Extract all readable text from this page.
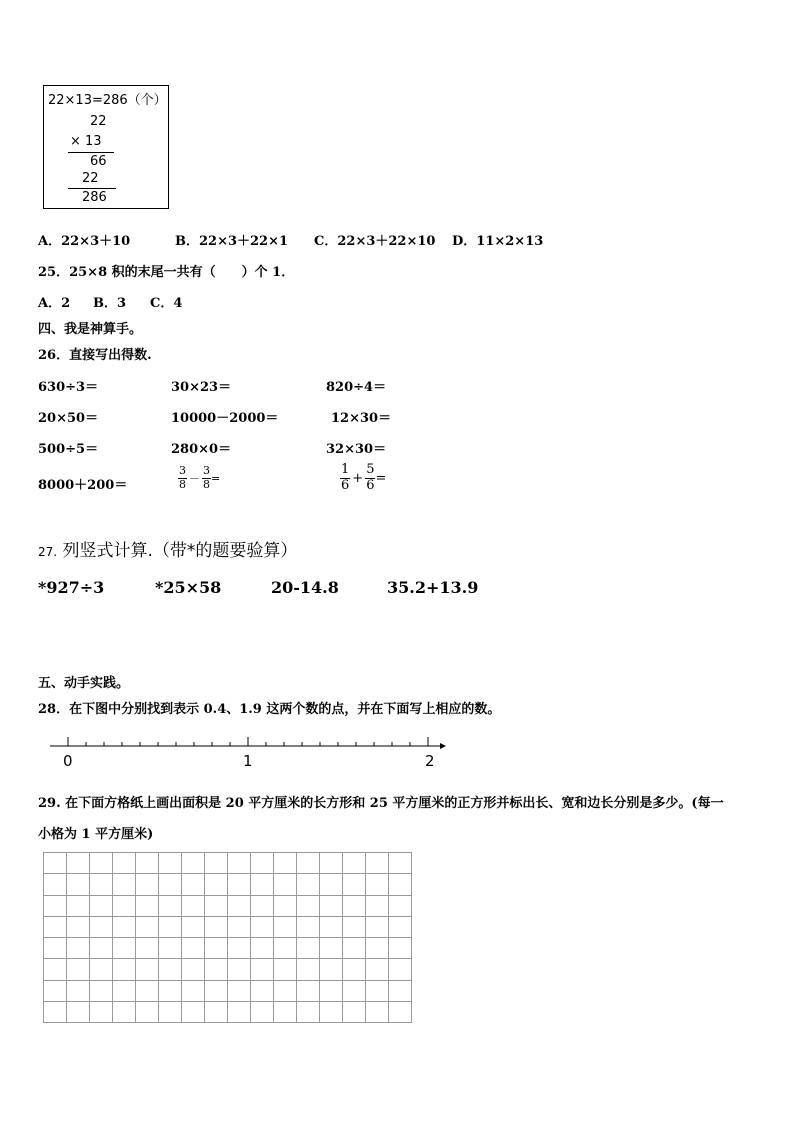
22×13=286（个）
22
× 13
66
22
286
A．22×3＋10	B．22×3＋22×1 C．22×3＋22×10 D．11×2×13
25．25×8 积的末尾一共有（　　）个 1．
A．2 B．3 C．4
四、我是神算手。
26．直接写出得数.
630÷3＝	30×23＝	820÷4＝
20×50＝	10000－2000＝	12×30＝
500÷5＝	280×0＝	32×30＝
8000＋200＝	$\frac{3}{8} - \frac{3}{8}$ =	$\frac{1}{6} + \frac{5}{6}$ =
27. 列竖式计算.（带*的题要验算）
*927÷3	*25×58	20-14.8	35.2+13.9
五、动手实践。
28．在下图中分别找到表示 0.4、1.9 这两个数的点，并在下面写上相应的数。
0	1	2
29. 在下面方格纸上画出面积是 20 平方厘米的长方形和 25 平方厘米的正方形并标出长、宽和边长分别是多少。(每一
小格为 1 平方厘米)
